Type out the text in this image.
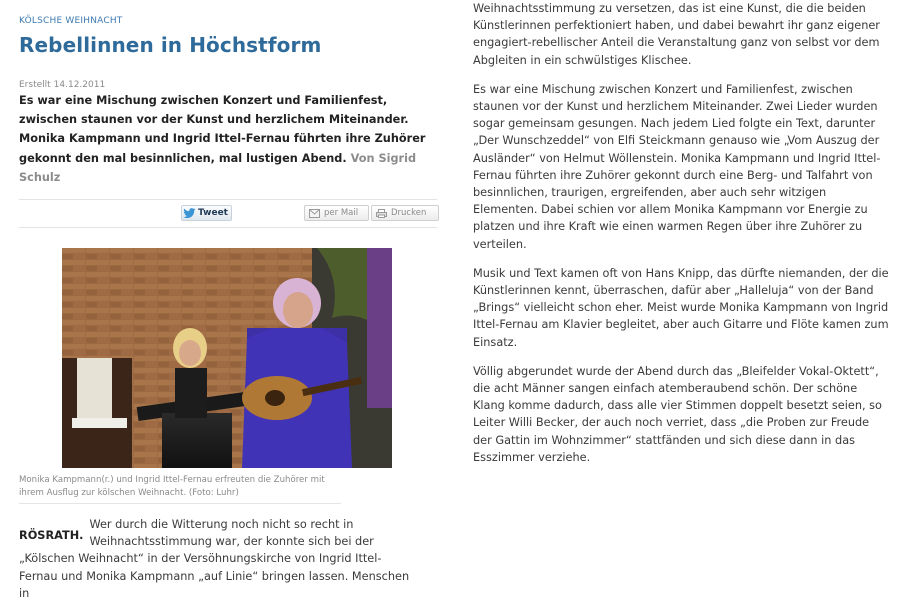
KÖLSCHE WEIHNACHT
Rebellinnen in Höchstform
Erstellt 14.12.2011

Es war eine Mischung zwischen Konzert und Familienfest, zwischen staunen vor der Kunst und herzlichem Miteinander. Monika Kampmann und Ingrid Ittel-Fernau führten ihre Zuhörer gekonnt den mal besinnlichen, mal lustigen Abend. Von Sigrid Schulz

Tweet	per Mail	Drucken
Monika Kampmann(r.) und Ingrid Ittel-Fernau erfreuten die Zuhörer mit ihrem Ausflug zur kölschen Weihnacht. (Foto: Luhr)

RÖSRATH.
Wer durch die Witterung noch nicht so recht in Weihnachtsstimmung war, der konnte sich bei der „Kölschen Weihnacht“ in der Versöhnungskirche von Ingrid Ittel-Fernau und Monika Kampmann „auf Linie“ bringen lassen. Menschen in

Weihnachtsstimmung zu versetzen, das ist eine Kunst, die die beiden Künstlerinnen perfektioniert haben, und dabei bewahrt ihr ganz eigener engagiert-rebellischer Anteil die Veranstaltung ganz von selbst vor dem Abgleiten in ein schwülstiges Klischee.

Es war eine Mischung zwischen Konzert und Familienfest, zwischen staunen vor der Kunst und herzlichem Miteinander. Zwei Lieder wurden sogar gemeinsam gesungen. Nach jedem Lied folgte ein Text, darunter „Der Wunschzeddel“ von Elfi Steickmann genauso wie „Vom Auszug der Ausländer“ von Helmut Wöllenstein. Monika Kampmann und Ingrid Ittel-Fernau führten ihre Zuhörer gekonnt durch eine Berg- und Talfahrt von besinnlichen, traurigen, ergreifenden, aber auch sehr witzigen Elementen. Dabei schien vor allem Monika Kampmann vor Energie zu platzen und ihre Kraft wie einen warmen Regen über ihre Zuhörer zu verteilen.

Musik und Text kamen oft von Hans Knipp, das dürfte niemanden, der die Künstlerinnen kennt, überraschen, dafür aber „Halleluja“ von der Band „Brings“ vielleicht schon eher. Meist wurde Monika Kampmann von Ingrid Ittel-Fernau am Klavier begleitet, aber auch Gitarre und Flöte kamen zum Einsatz.

Völlig abgerundet wurde der Abend durch das „Bleifelder Vokal-Oktett“, die acht Männer sangen einfach atemberaubend schön. Der schöne Klang komme dadurch, dass alle vier Stimmen doppelt besetzt seien, so Leiter Willi Becker, der auch noch verriet, dass „die Proben zur Freude der Gattin im Wohnzimmer“ stattfänden und sich diese dann in das Esszimmer verziehe.
